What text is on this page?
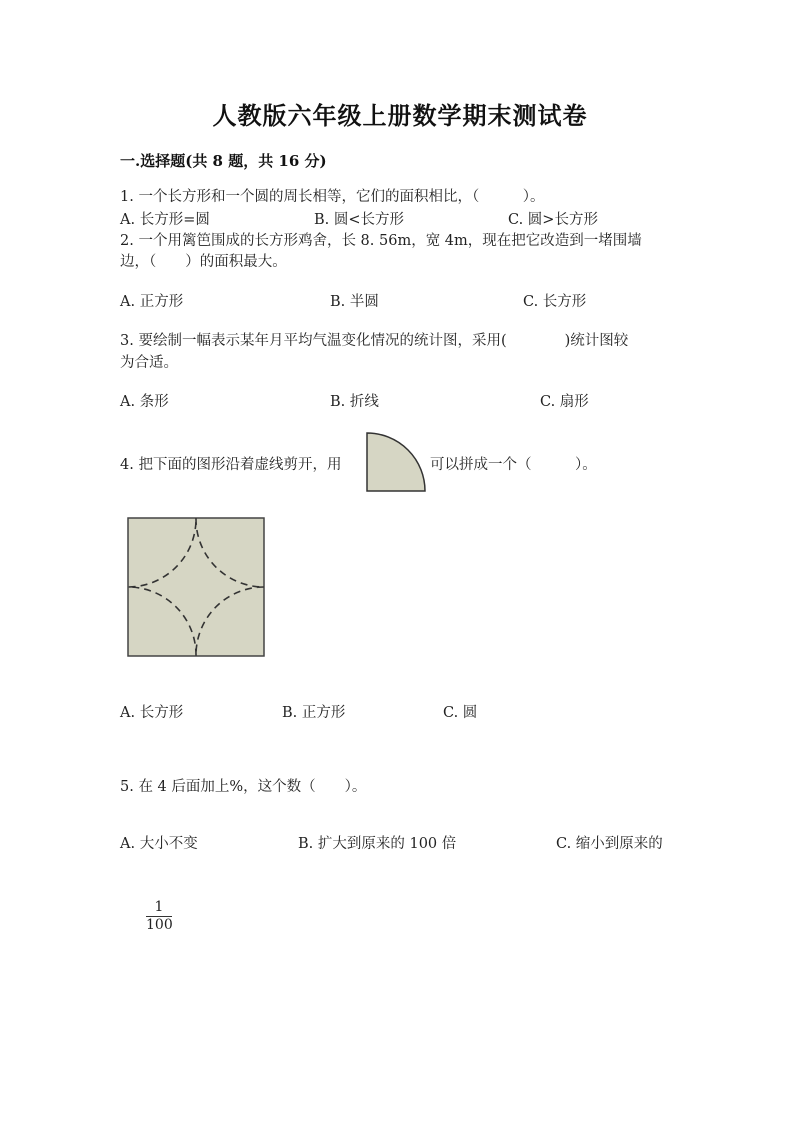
人教版六年级上册数学期末测试卷
一.选择题(共 8 题，共 16 分)
1. 一个长方形和一个圆的周长相等，它们的面积相比，（　　　）。
A. 长方形=圆	B. 圆<长方形	C. 圆>长方形
2. 一个用篱笆围成的长方形鸡舍，长 8. 56m，宽 4m，现在把它改造到一堵围墙
边，（　　）的面积最大。
A. 正方形	B. 半圆	C. 长方形
3. 要绘制一幅表示某年月平均气温变化情况的统计图，采用(　　　　)统计图较
为合适。
A. 条形	B. 折线	C. 扇形
4. 把下面的图形沿着虚线剪开，用	可以拼成一个（　　　）。
A. 长方形	B. 正方形	C. 圆
5. 在 4 后面加上%，这个数（　　）。
A. 大小不变	B. 扩大到原来的 100 倍	C. 缩小到原来的
1
100
